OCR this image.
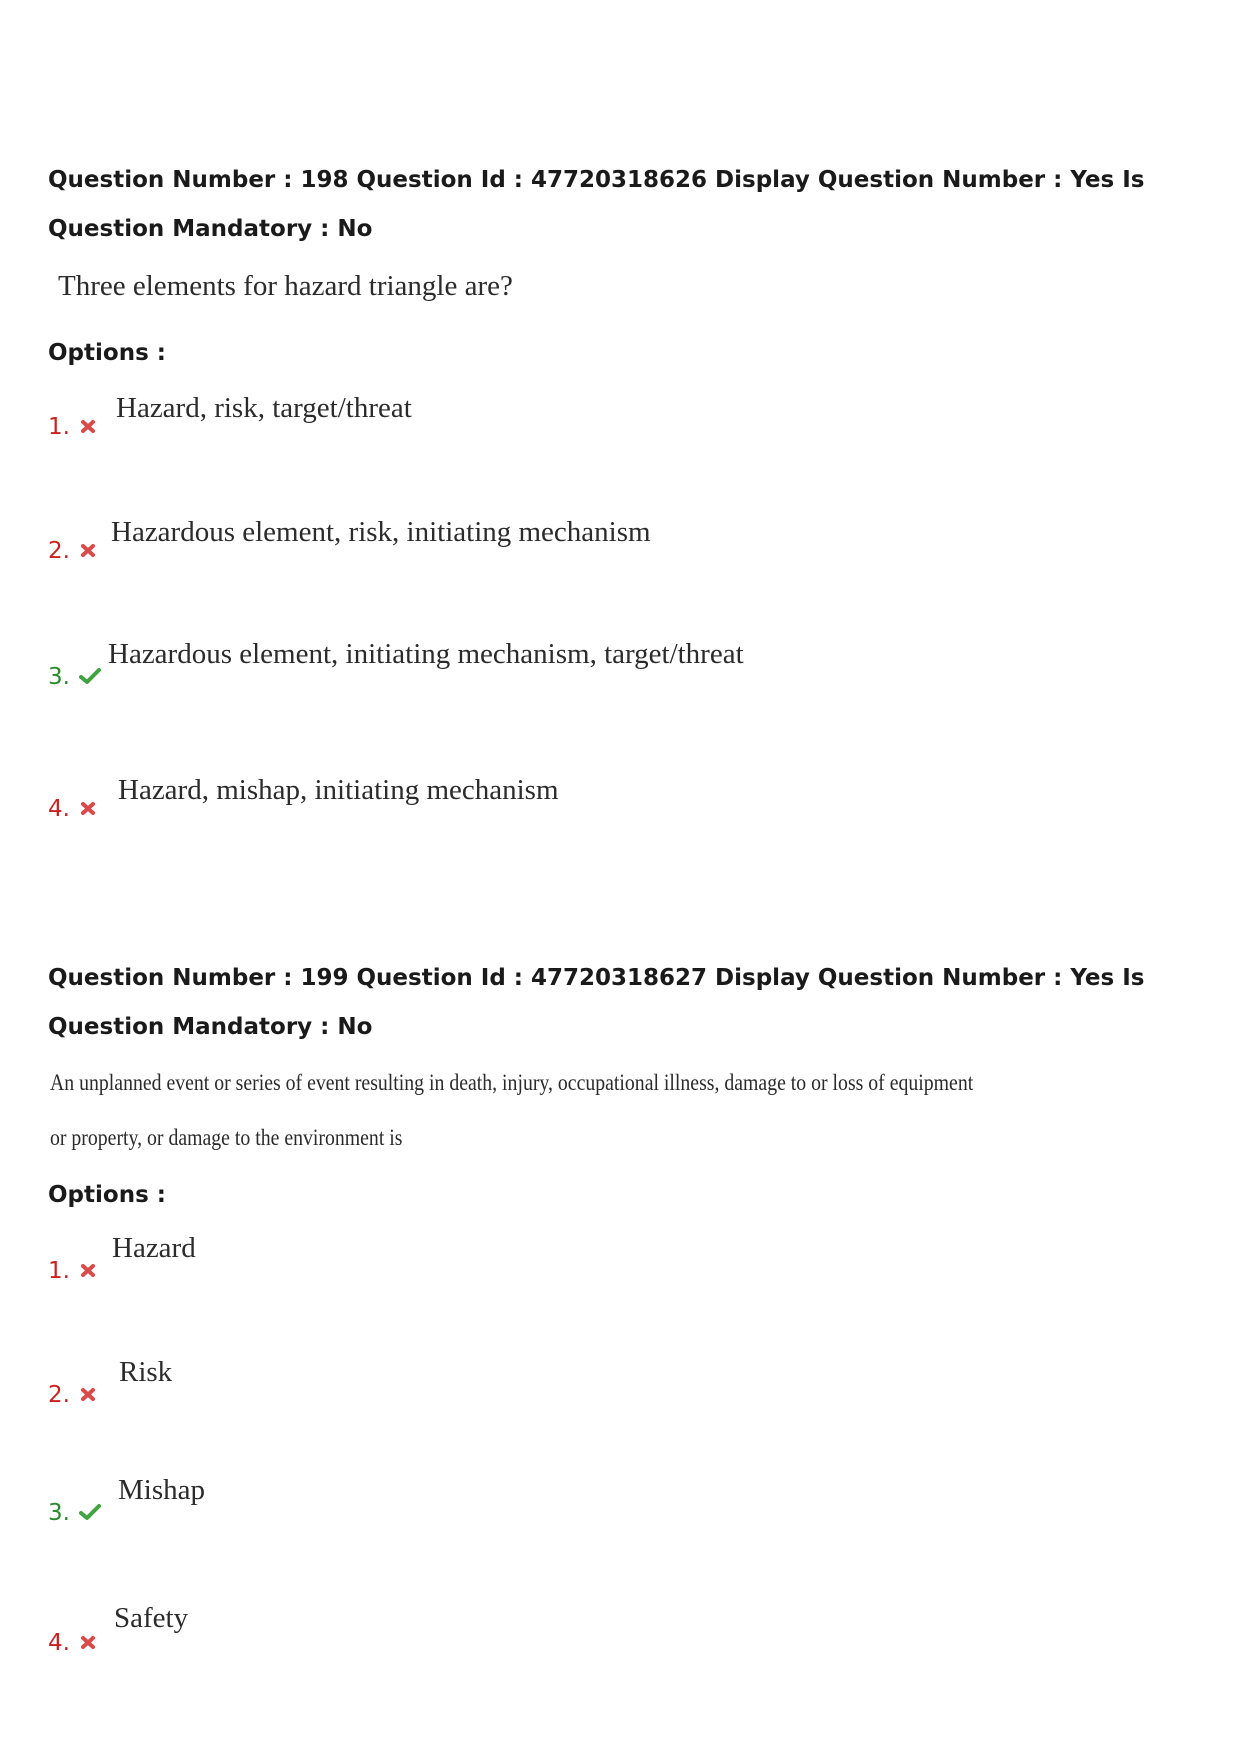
Question Number : 198 Question Id : 47720318626 Display Question Number : Yes Is Question Mandatory : No

Three elements for hazard triangle are?
Options :
1.
Hazard, risk, target/threat
2.
Hazardous element, risk, initiating mechanism
3.
Hazardous element, initiating mechanism, target/threat
4.
Hazard, mishap, initiating mechanism

Question Number : 199 Question Id : 47720318627 Display Question Number : Yes Is Question Mandatory : No

An unplanned event or series of event resulting in death, injury, occupational illness, damage to or loss of equipment
or property, or damage to the environment is
Options :
1.
Hazard
2.
Risk
3.
Mishap
4.
Safety
